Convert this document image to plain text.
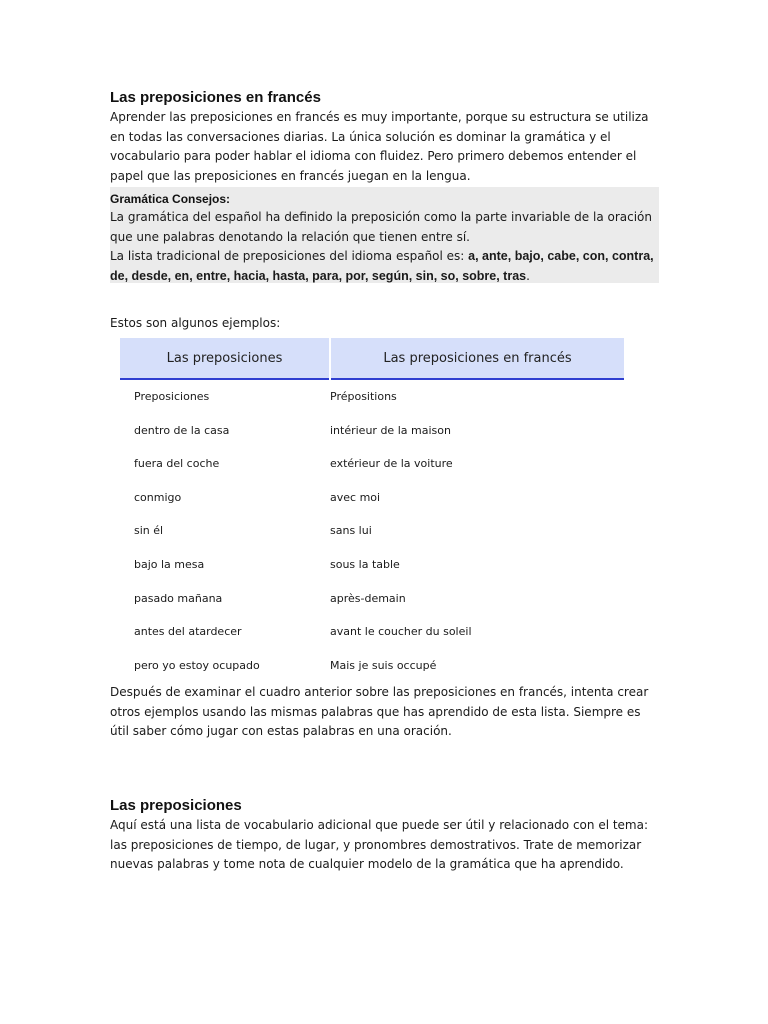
Las preposiciones en francés
Aprender las preposiciones en francés es muy importante, porque su estructura se utiliza en todas las conversaciones diarias. La única solución es dominar la gramática y el vocabulario para poder hablar el idioma con fluidez. Pero primero debemos entender el papel que las preposiciones en francés juegan en la lengua.
Gramática Consejos:
La gramática del español ha definido la preposición como la parte invariable de la oración que une palabras denotando la relación que tienen entre sí.
La lista tradicional de preposiciones del idioma español es: a, ante, bajo, cabe, con, contra, de, desde, en, entre, hacia, hasta, para, por, según, sin, so, sobre, tras.
Estos son algunos ejemplos:
Las preposiciones	Las preposiciones en francés
Preposiciones	Prépositions
dentro de la casa	intérieur de la maison
fuera del coche	extérieur de la voiture
conmigo	avec moi
sin él	sans lui
bajo la mesa	sous la table
pasado mañana	après-demain
antes del atardecer	avant le coucher du soleil
pero yo estoy ocupado	Mais je suis occupé
Después de examinar el cuadro anterior sobre las preposiciones en francés, intenta crear otros ejemplos usando las mismas palabras que has aprendido de esta lista. Siempre es útil saber cómo jugar con estas palabras en una oración.
Las preposiciones
Aquí está una lista de vocabulario adicional que puede ser útil y relacionado con el tema: las preposiciones de tiempo, de lugar, y pronombres demostrativos. Trate de memorizar nuevas palabras y tome nota de cualquier modelo de la gramática que ha aprendido.
